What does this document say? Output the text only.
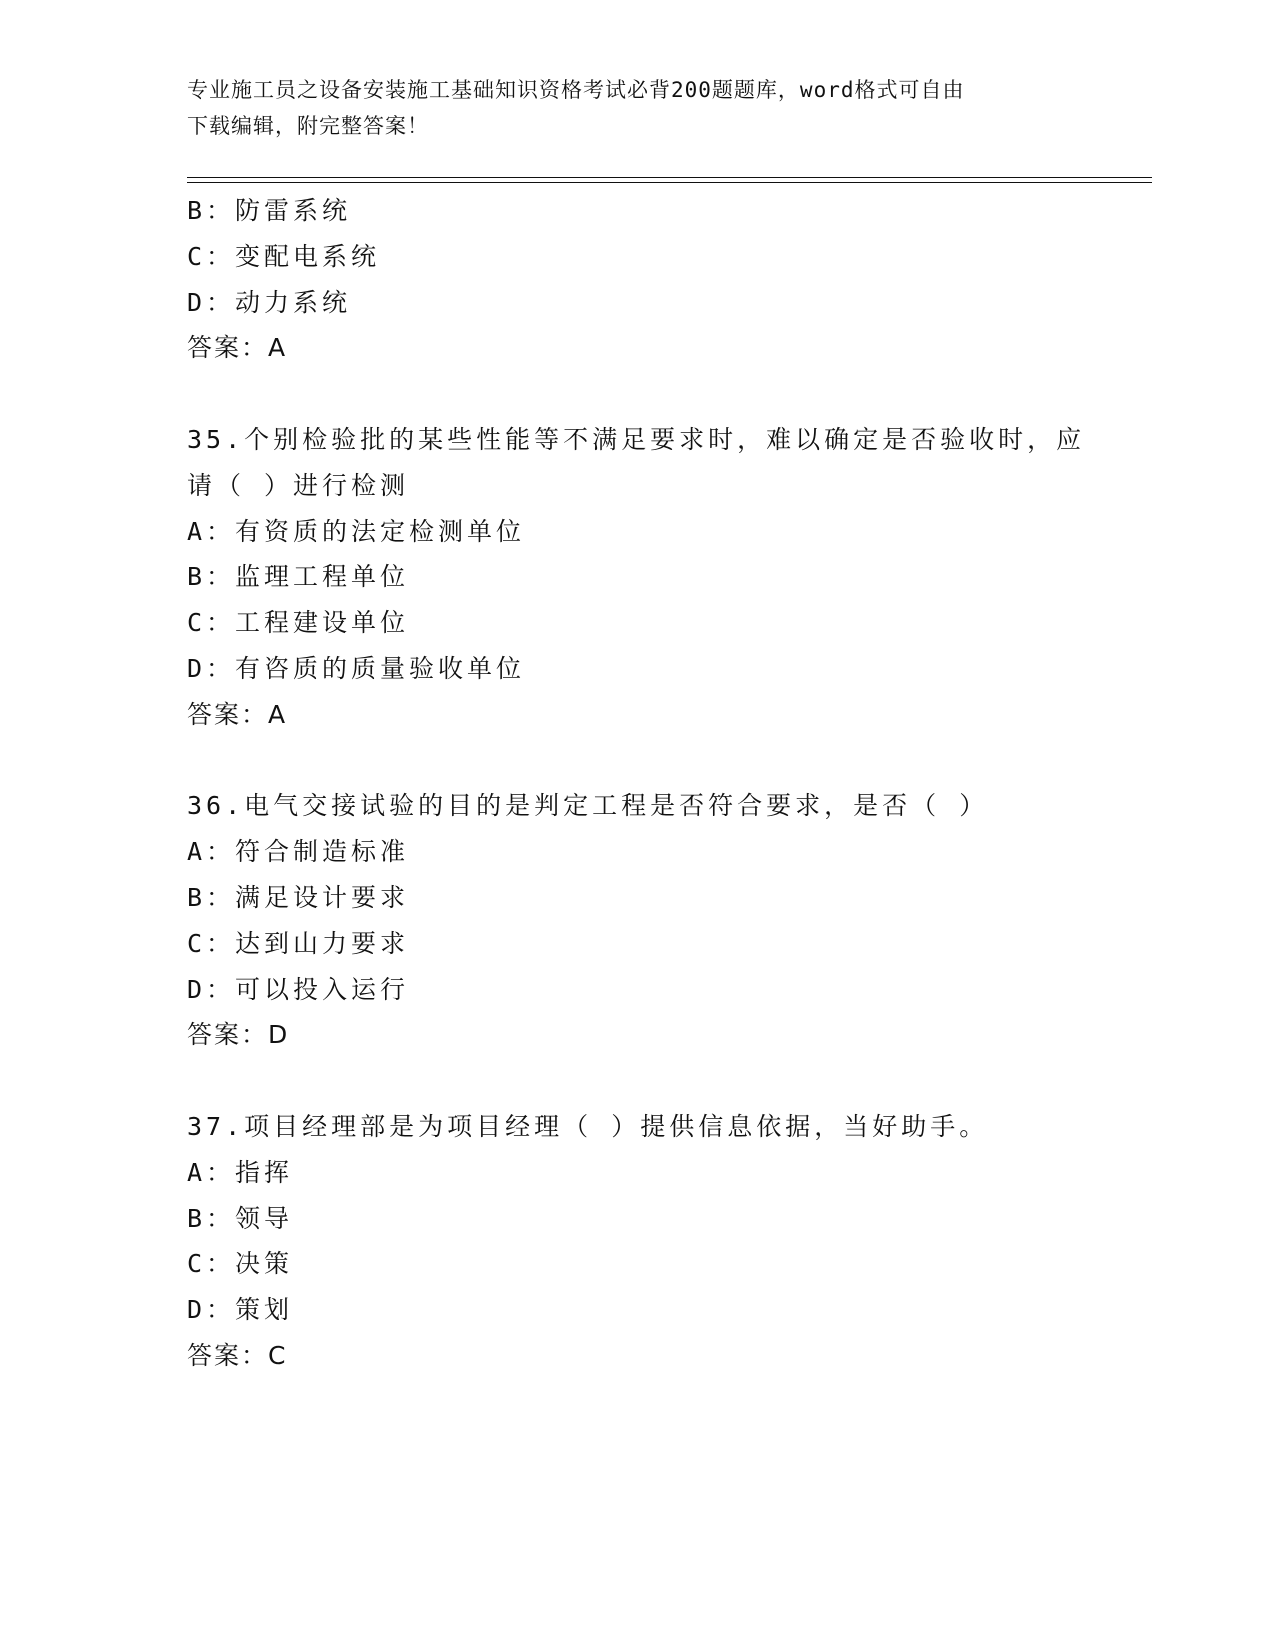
专业施工员之设备安装施工基础知识资格考试必背200题题库，word格式可自由
下载编辑，附完整答案！
B：防雷系统
C：变配电系统
D：动力系统
答案：A
35.个别检验批的某些性能等不满足要求时，难以确定是否验收时，应
请（ ）进行检测
A：有资质的法定检测单位
B：监理工程单位
C：工程建设单位
D：有咨质的质量验收单位
答案：A
36.电气交接试验的目的是判定工程是否符合要求，是否（ ）
A：符合制造标准
B：满足设计要求
C：达到山力要求
D：可以投入运行
答案：D
37.项目经理部是为项目经理（ ）提供信息依据，当好助手。
A：指挥
B：领导
C：决策
D：策划
答案：C
